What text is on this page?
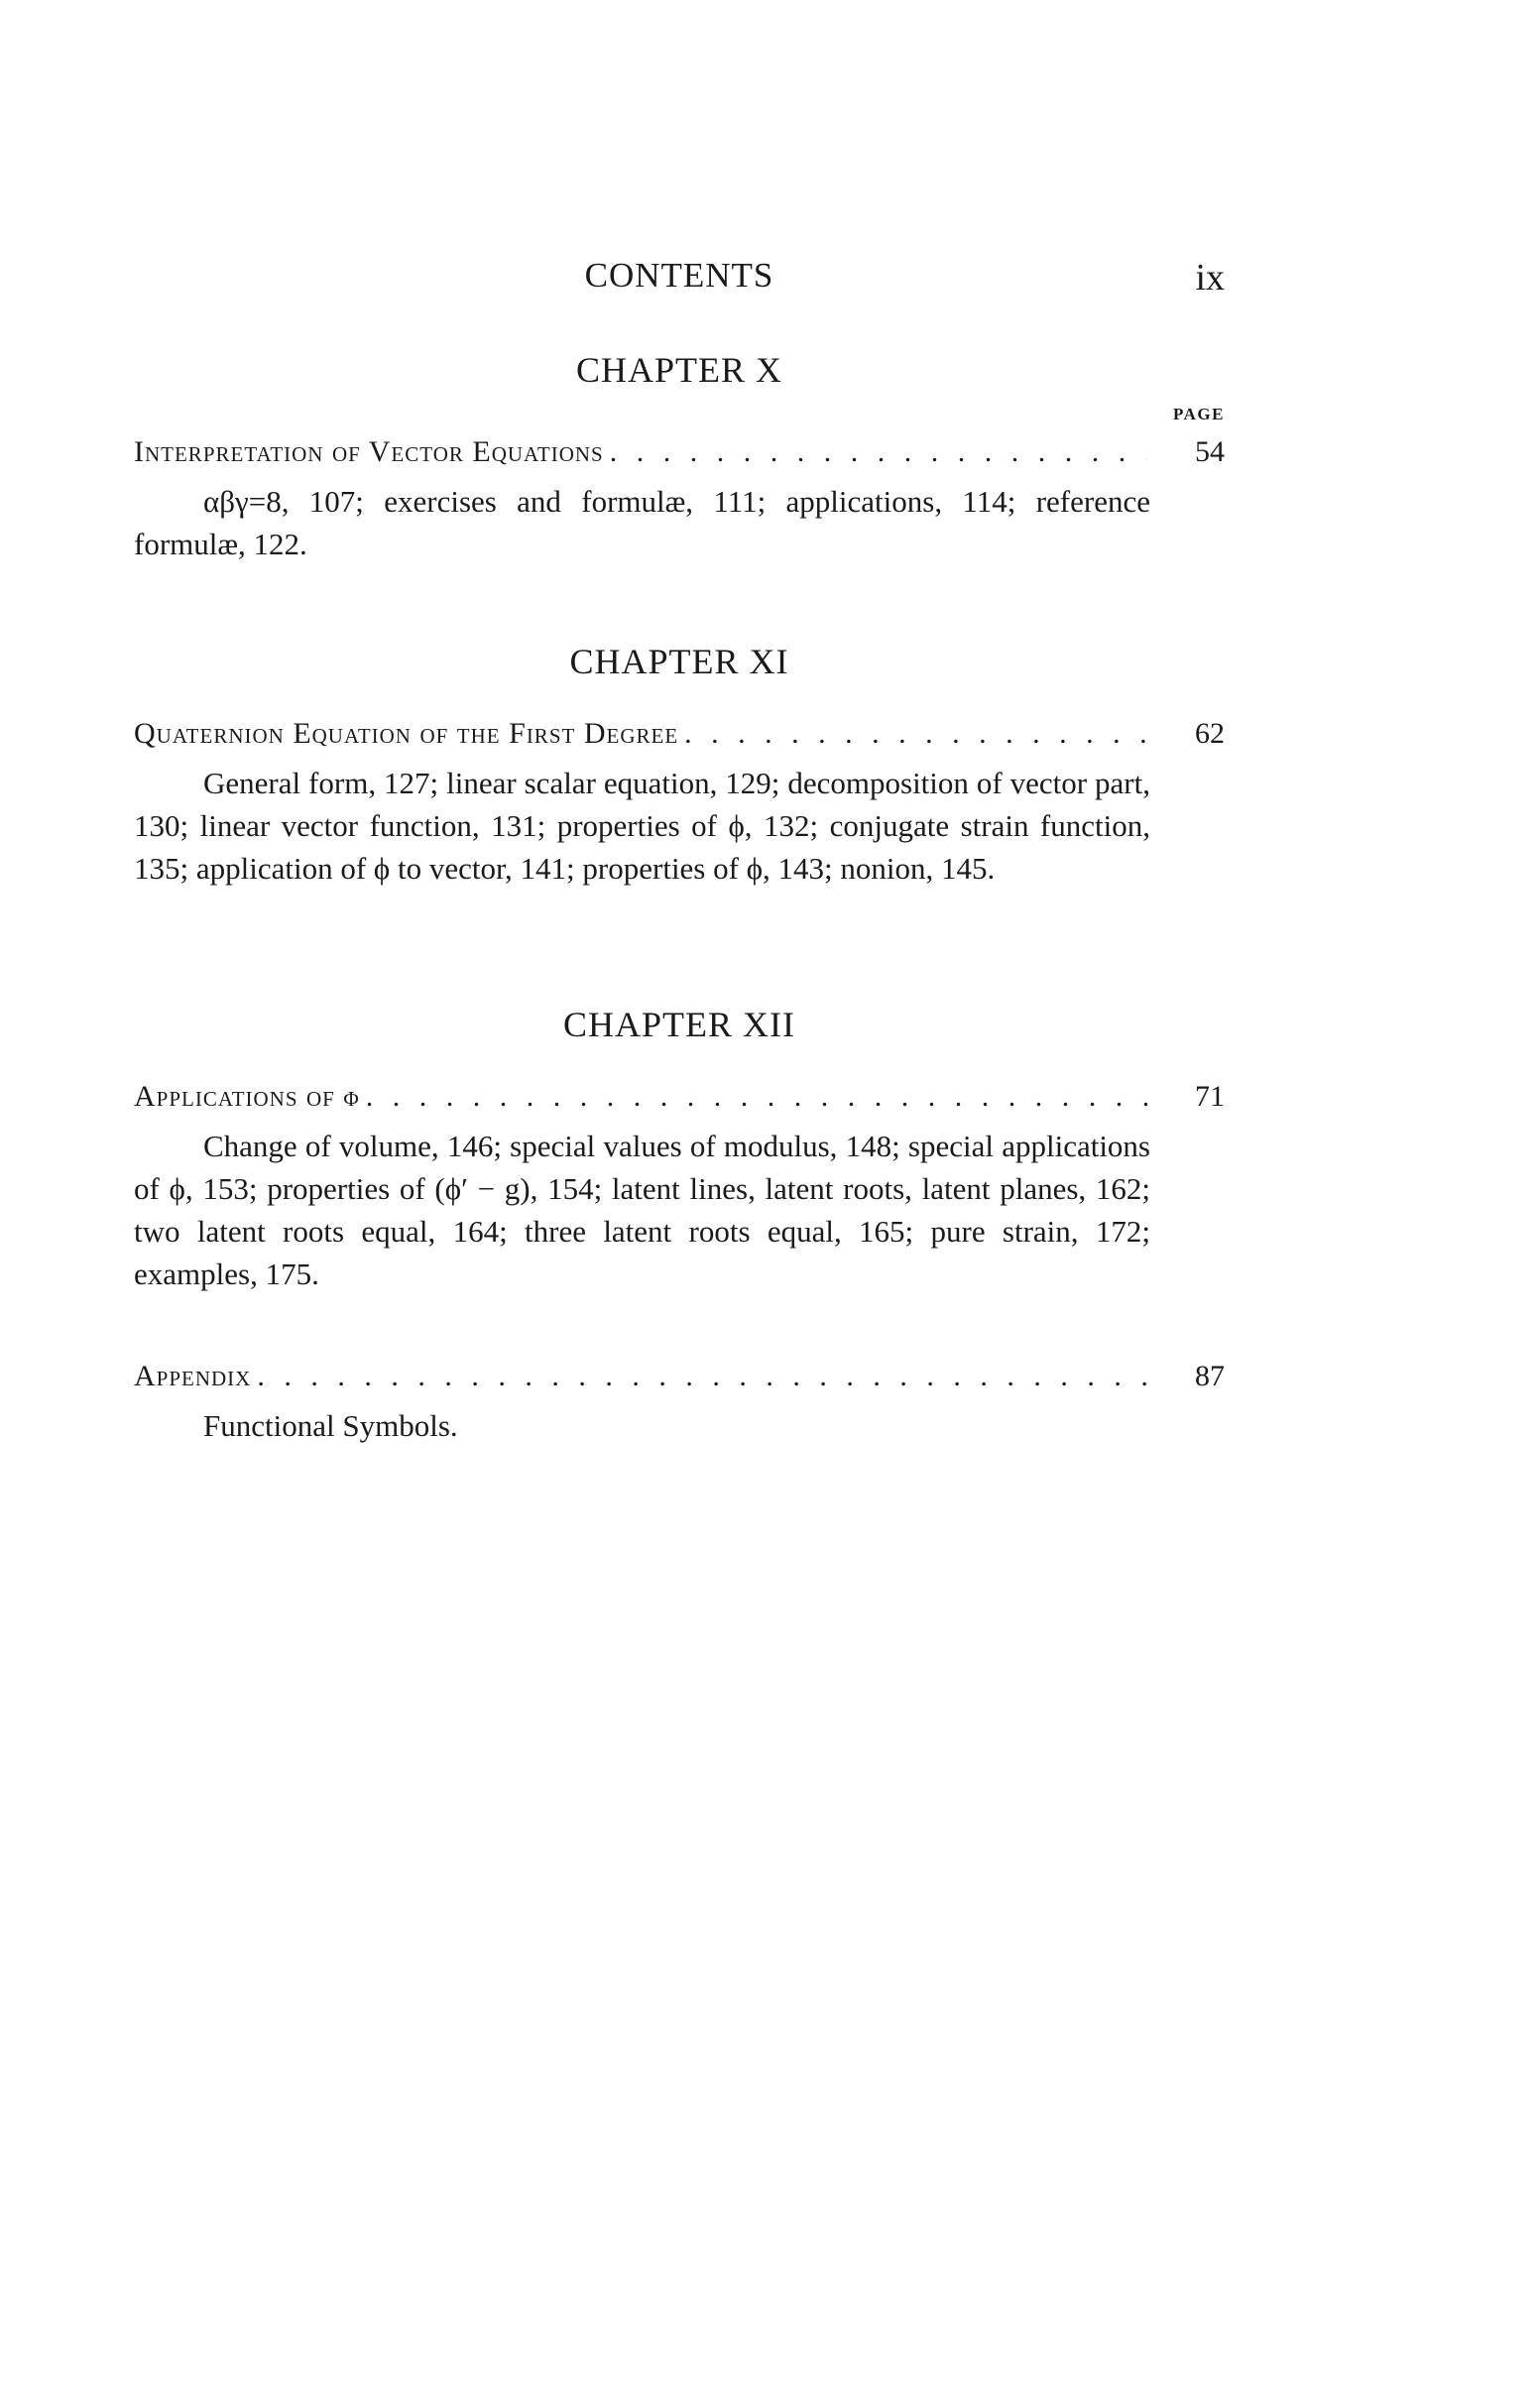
CONTENTS	ix
CHAPTER X
PAGE
Interpretation of Vector Equations . . .	54
αβγ=8, 107; exercises and formulæ, 111; applications, 114; reference formulæ, 122.
CHAPTER XI
Quaternion Equation of the First Degree . . .	62
General form, 127; linear scalar equation, 129; decomposition of vector part, 130; linear vector function, 131; properties of ϕ, 132; conjugate strain function, 135; application of ϕ to vector, 141; properties of ϕ, 143; nonion, 145.
CHAPTER XII
Applications of ϕ . . .	71
Change of volume, 146; special values of modulus, 148; special applications of ϕ, 153; properties of (ϕ′ − g), 154; latent lines, latent roots, latent planes, 162; two latent roots equal, 164; three latent roots equal, 165; pure strain, 172; examples, 175.
Appendix . . .	87
Functional Symbols.
